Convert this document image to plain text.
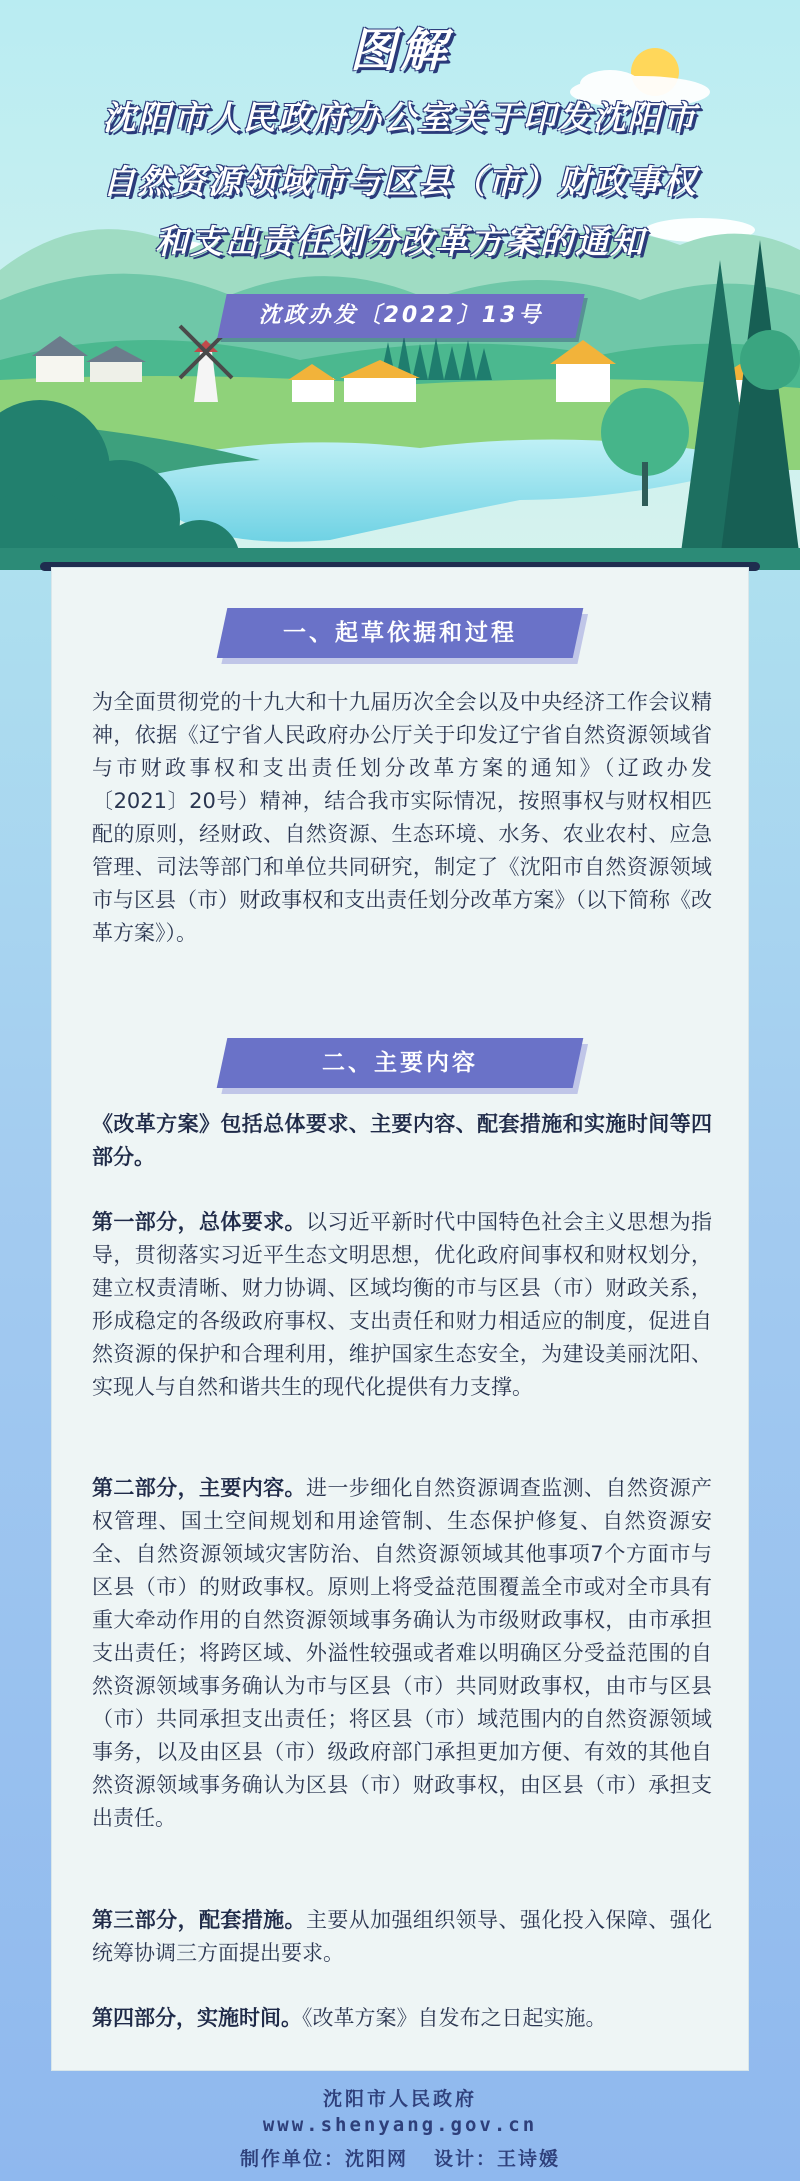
图解
沈阳市人民政府办公室关于印发沈阳市
自然资源领域市与区县（市）财政事权
和支出责任划分改革方案的通知
沈政办发〔2022〕13号
一、起草依据和过程

为全面贯彻党的十九大和十九届历次全会以及中央经济工作会议精神，依据《辽宁省人民政府办公厅关于印发辽宁省自然资源领域省与市财政事权和支出责任划分改革方案的通知》（辽政办发〔2021〕20号）精神，结合我市实际情况，按照事权与财权相匹配的原则，经财政、自然资源、生态环境、水务、农业农村、应急管理、司法等部门和单位共同研究，制定了《沈阳市自然资源领域市与区县（市）财政事权和支出责任划分改革方案》（以下简称《改革方案》）。

二、主要内容

《改革方案》包括总体要求、主要内容、配套措施和实施时间等四部分。

第一部分，总体要求。以习近平新时代中国特色社会主义思想为指导，贯彻落实习近平生态文明思想，优化政府间事权和财权划分，建立权责清晰、财力协调、区域均衡的市与区县（市）财政关系，形成稳定的各级政府事权、支出责任和财力相适应的制度，促进自然资源的保护和合理利用，维护国家生态安全，为建设美丽沈阳、实现人与自然和谐共生的现代化提供有力支撑。

第二部分，主要内容。进一步细化自然资源调查监测、自然资源产权管理、国土空间规划和用途管制、生态保护修复、自然资源安全、自然资源领域灾害防治、自然资源领域其他事项7个方面市与区县（市）的财政事权。原则上将受益范围覆盖全市或对全市具有重大牵动作用的自然资源领域事务确认为市级财政事权，由市承担支出责任；将跨区域、外溢性较强或者难以明确区分受益范围的自然资源领域事务确认为市与区县（市）共同财政事权，由市与区县（市）共同承担支出责任；将区县（市）域范围内的自然资源领域事务，以及由区县（市）级政府部门承担更加方便、有效的其他自然资源领域事务确认为区县（市）财政事权，由区县（市）承担支出责任。

第三部分，配套措施。主要从加强组织领导、强化投入保障、强化统筹协调三方面提出要求。

第四部分，实施时间。《改革方案》自发布之日起实施。

沈阳市人民政府
www.shenyang.gov.cn
制作单位：沈阳网 设计：王诗媛
